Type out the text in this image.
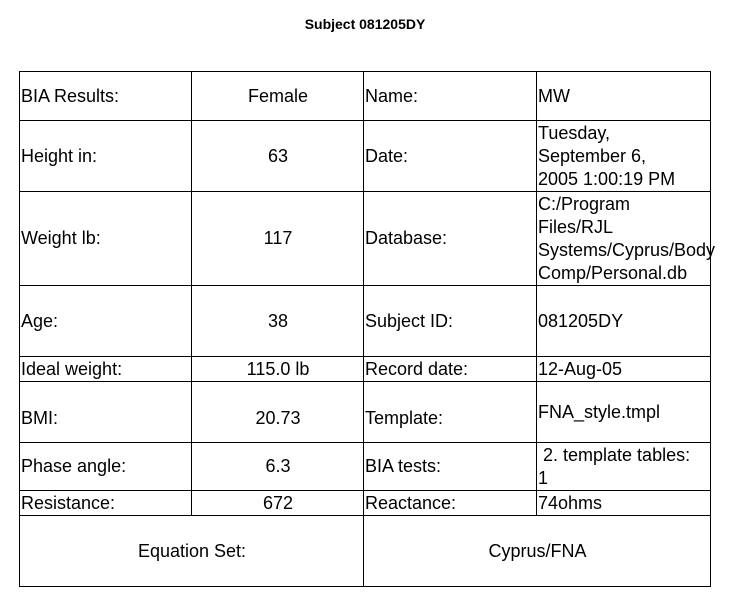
Subject 081205DY
BIA Results:	Female	Name:	MW
Height in:	63	Date:	Tuesday,
September 6,
2005 1:00:19 PM

Weight lb:	117	Database:	C:/Program
Files/RJL
Systems/Cyprus/Body
Comp/Personal.db

Age:	38	Subject ID:	081205DY
Ideal weight:	115.0 lb	Record date:	12-Aug-05
BMI:	20.73	Template:	FNA_style.tmpl
Phase angle:	6.3	BIA tests:	2. template tables:
1

Resistance:	672	Reactance:	74ohms
Equation Set:		Cyprus/FNA	
